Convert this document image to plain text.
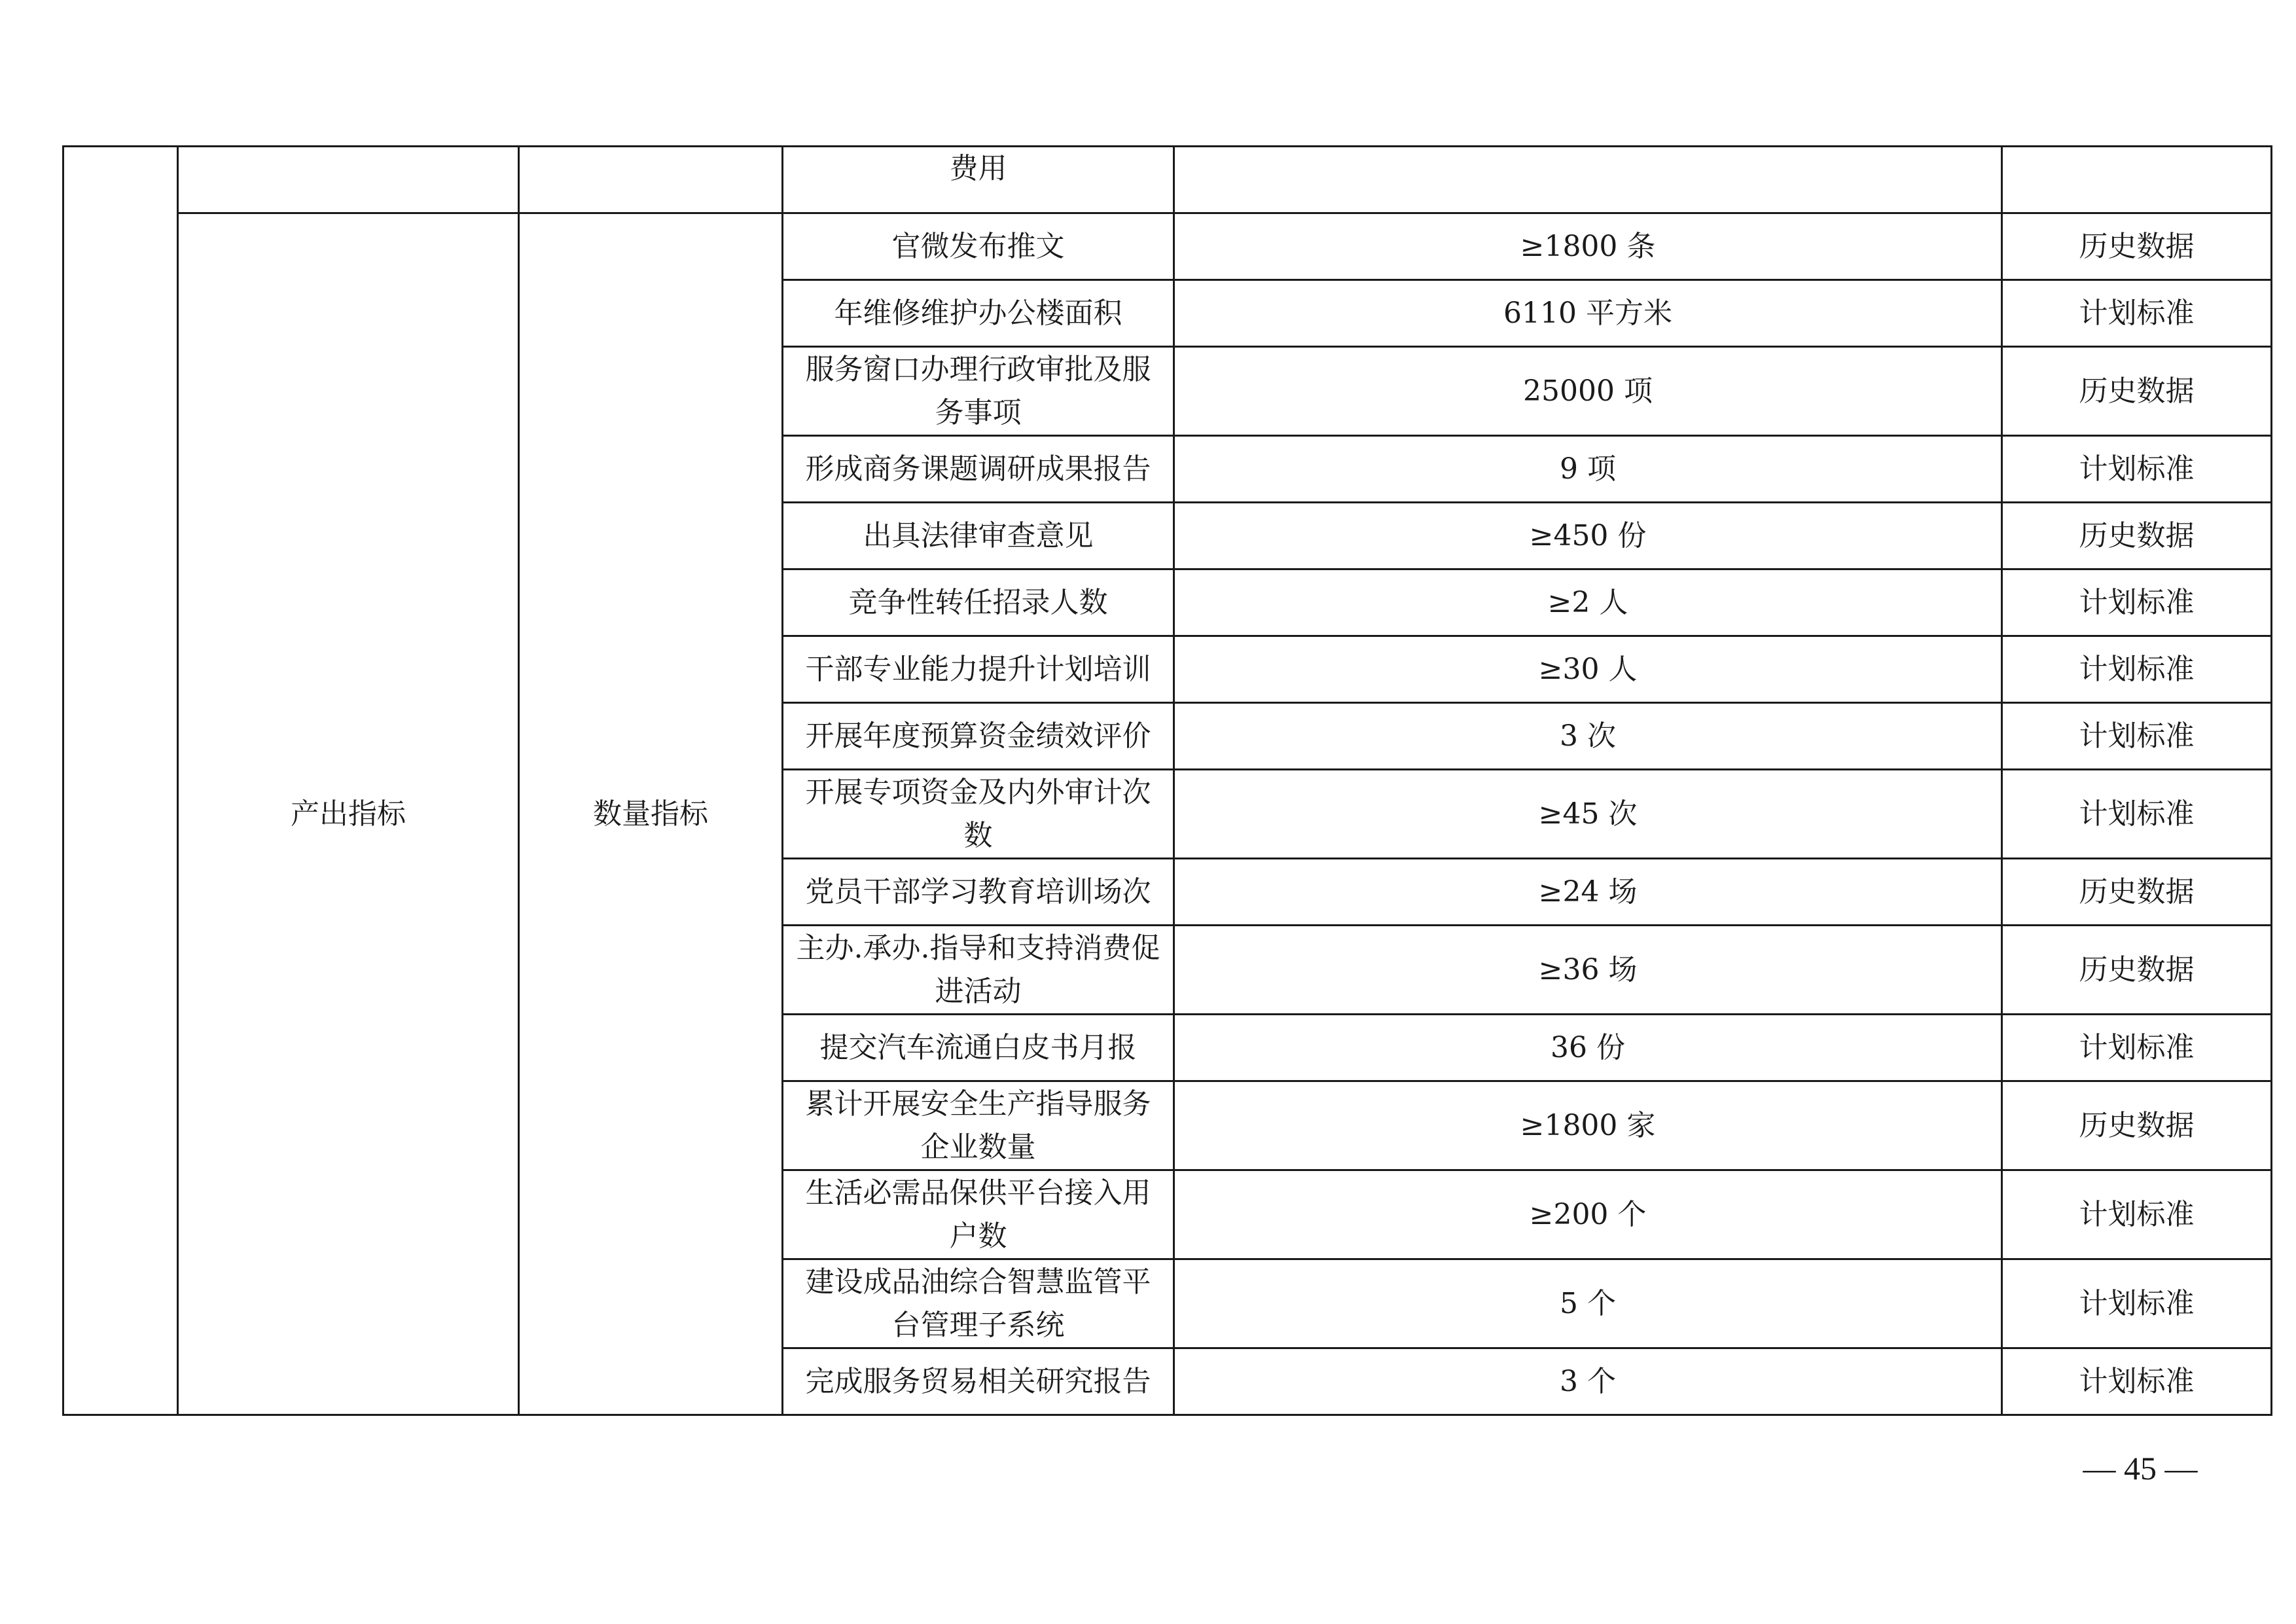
			费用		
	产出指标	数量指标	官微发布推文	≥1800 条	历史数据
			年维修维护办公楼面积	6110 平方米	计划标准
			服务窗口办理行政审批及服务事项	25000 项	历史数据
			形成商务课题调研成果报告	9 项	计划标准
			出具法律审查意见	≥450 份	历史数据
			竞争性转任招录人数	≥2 人	计划标准
			干部专业能力提升计划培训	≥30 人	计划标准
			开展年度预算资金绩效评价	3 次	计划标准
			开展专项资金及内外审计次数	≥45 次	计划标准
			党员干部学习教育培训场次	≥24 场	历史数据
			主办.承办.指导和支持消费促进活动	≥36 场	历史数据
			提交汽车流通白皮书月报	36 份	计划标准
			累计开展安全生产指导服务企业数量	≥1800 家	历史数据
			生活必需品保供平台接入用户数	≥200 个	计划标准
			建设成品油综合智慧监管平台管理子系统	5 个	计划标准
			完成服务贸易相关研究报告	3 个	计划标准
— 45 —
